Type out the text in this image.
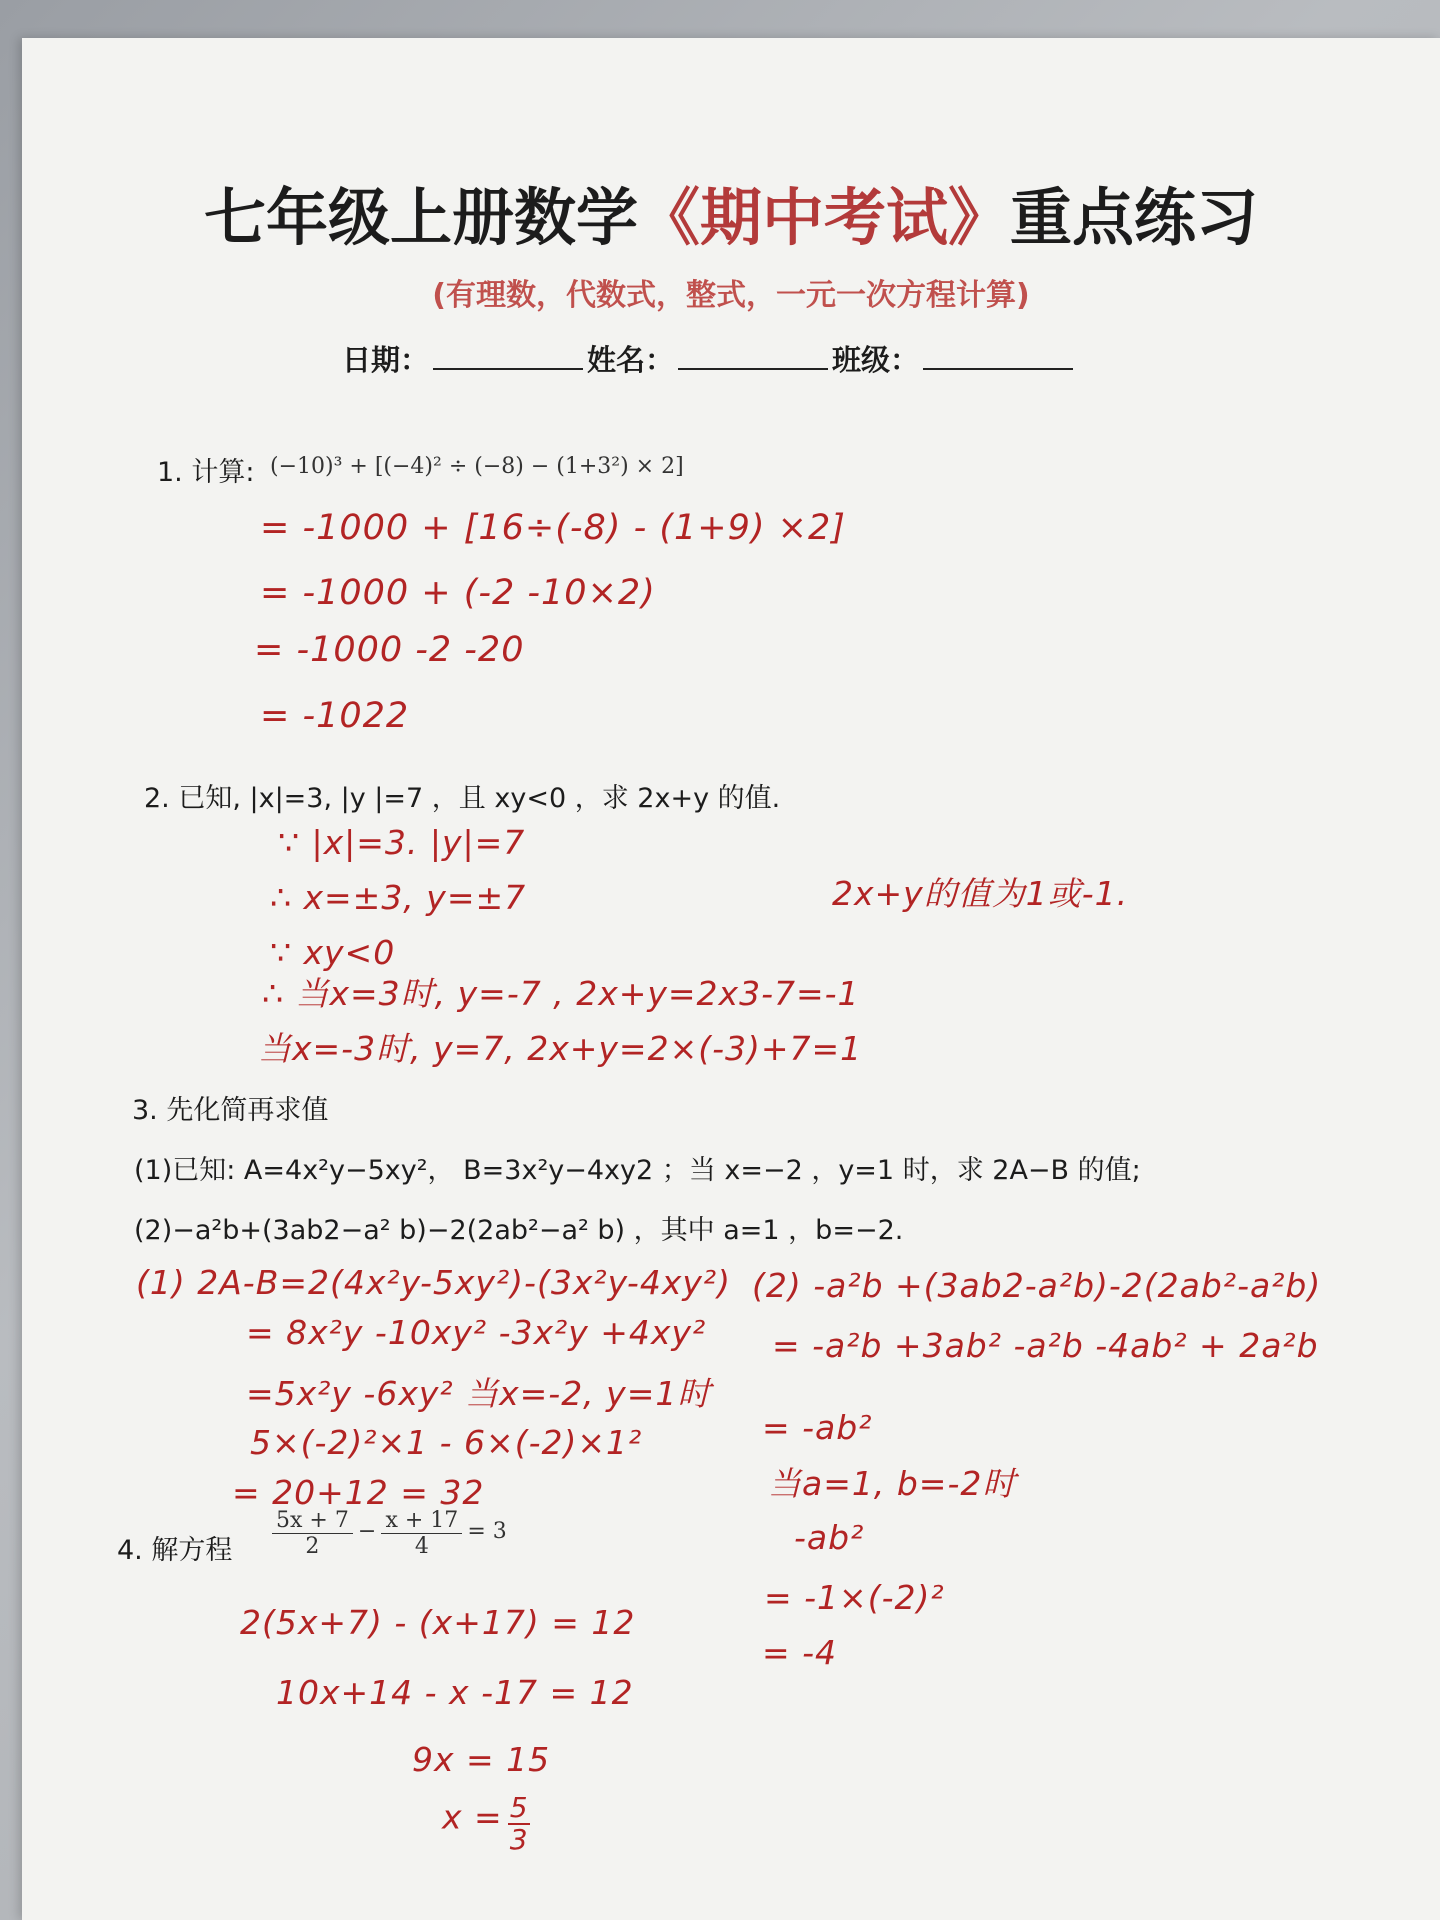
七年级上册数学《期中考试》重点练习
(有理数，代数式，整式，一元一次方程计算)
日期：	姓名：	班级：
1. 计算: (−10)³ + [(−4)² ÷ (−8) − (1+3²) × 2]
= -1000 + [16÷(-8) - (1+9) ×2]
= -1000 + (-2 -10×2)
= -1000 -2 -20
= -1022
2. 已知, |x|=3, |y |=7 ，且 xy<0 ，求 2x+y 的值.
∵ |x|=3. |y|=7
∴ x=±3, y=±7
∵ xy<0
∴ 当x=3时, y=-7 , 2x+y=2x3-7=-1
当x=-3时, y=7, 2x+y=2×(-3)+7=1
2x+y的值为1或-1.
3. 先化简再求值
(1)已知: A=4x²y−5xy²， B=3x²y−4xy2 ；当 x=−2 ，y=1 时，求 2A−B 的值;
(2)−a²b+(3ab2−a² b)−2(2ab²−a² b) ，其中 a=1 ，b=−2.
(1) 2A-B=2(4x²y-5xy²)-(3x²y-4xy²)
= 8x²y -10xy² -3x²y +4xy²
=5x²y -6xy² 当x=-2, y=1时
5×(-2)²×1 - 6×(-2)×1²
= 20+12 = 32
(2) -a²b +(3ab2-a²b)-2(2ab²-a²b)
= -a²b +3ab² -a²b -4ab² + 2a²b
= -ab²
当a=1, b=-2时
-ab²
= -1×(-2)²
= -4
4. 解方程 $\frac{5x + 7}{2} - \frac{x + 17}{4} = 3$
2(5x+7) - (x+17) = 12
10x+14 - x -17 = 12
9x = 15
$x = \frac{5}{3}$
